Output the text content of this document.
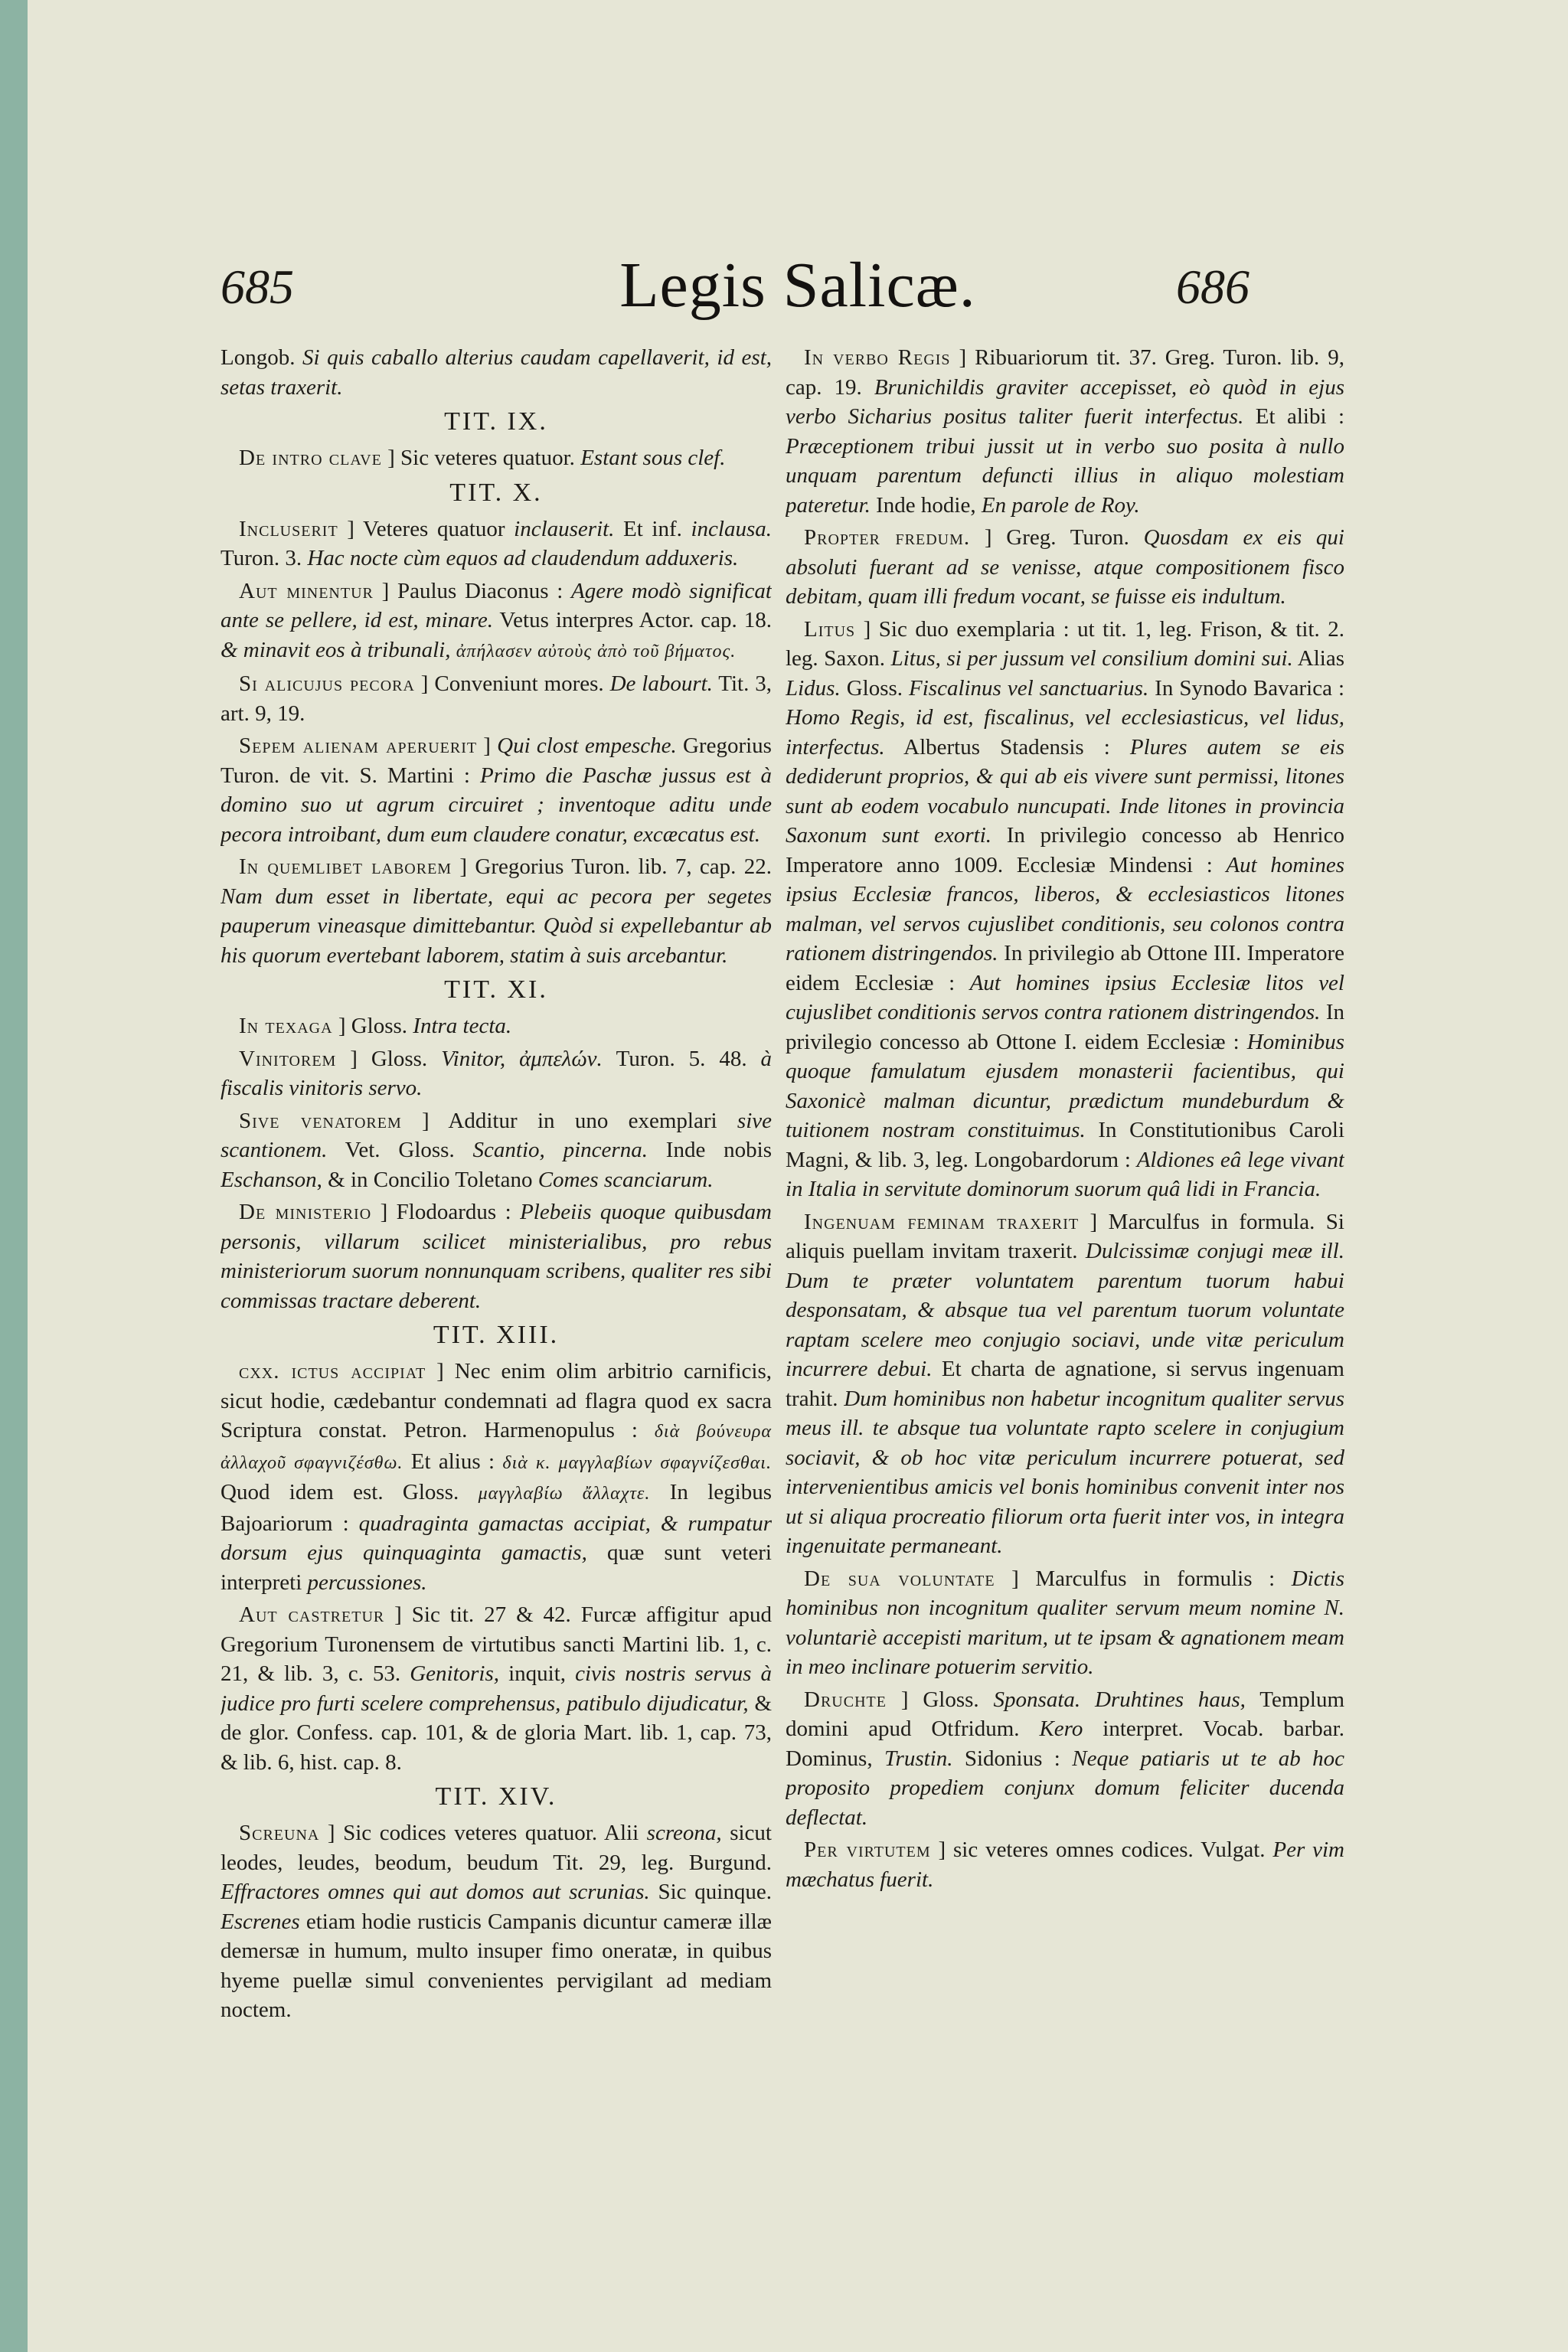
685	Legis Salicæ.	686

Longob. Si quis caballo alterius caudam capellaverit, id est, setas traxerit.

TIT. IX.

De intro clave ] Sic veteres quatuor. Estant sous clef.

TIT. X.

Incluserit ] Veteres quatuor inclauserit. Et inf. inclausa. Turon. 3. Hac nocte cùm equos ad claudendum adduxeris.

Aut minentur ] Paulus Diaconus : Agere modò significat ante se pellere, id est, minare. Vetus interpres Actor. cap. 18. & minavit eos à tribunali, ἀπήλασεν αὐτοὺς ἀπὸ τοῦ βήματος.

Si alicujus pecora ] Conveniunt mores. De labourt. Tit. 3, art. 9, 19.

Sepem alienam aperuerit ] Qui clost empesche. Gregorius Turon. de vit. S. Martini : Primo die Paschæ jussus est à domino suo ut agrum circuiret ; inventoque aditu unde pecora introibant, dum eum claudere conatur, excæcatus est.

In quemlibet laborem ] Gregorius Turon. lib. 7, cap. 22. Nam dum esset in libertate, equi ac pecora per segetes pauperum vineasque dimittebantur. Quòd si expellebantur ab his quorum evertebant laborem, statim à suis arcebantur.

TIT. XI.

In texaga ] Gloss. Intra tecta.

Vinitorem ] Gloss. Vinitor, ἀμπελών. Turon. 5. 48. à fiscalis vinitoris servo.

Sive venatorem ] Additur in uno exemplari sive scantionem. Vet. Gloss. Scantio, pincerna. Inde nobis Eschanson, & in Concilio Toletano Comes scanciarum.

De ministerio ] Flodoardus : Plebeiis quoque quibusdam personis, villarum scilicet ministerialibus, pro rebus ministeriorum suorum nonnunquam scribens, qualiter res sibi commissas tractare deberent.

TIT. XIII.

cxx. ictus accipiat ] Nec enim olim arbitrio carnificis, sicut hodie, cædebantur condemnati ad flagra quod ex sacra Scriptura constat. Petron. Harmenopulus : διὰ βούνευρα ἀλλαχοῦ σφαγνιζέσθω. Et alius : διὰ κ. μαγγλαβίων σφαγνίζεσθαι. Quod idem est. Gloss. μαγγλαβίω ἄλλαχτε. In legibus Bajoariorum : quadraginta gamactas accipiat, & rumpatur dorsum ejus quinquaginta gamactis, quæ sunt veteri interpreti percussiones.

Aut castretur ] Sic tit. 27 & 42. Furcæ affigitur apud Gregorium Turonensem de virtutibus sancti Martini lib. 1, c. 21, & lib. 3, c. 53. Genitoris, inquit, civis nostris servus à judice pro furti scelere comprehensus, patibulo dijudicatur, & de glor. Confess. cap. 101, & de gloria Mart. lib. 1, cap. 73, & lib. 6, hist. cap. 8.

TIT. XIV.

Screuna ] Sic codices veteres quatuor. Alii screona, sicut leodes, leudes, beodum, beudum Tit. 29, leg. Burgund. Effractores omnes qui aut domos aut scrunias. Sic quinque. Escrenes etiam hodie rusticis Campanis dicuntur cameræ illæ demersæ in humum, multo insuper fimo oneratæ, in quibus hyeme puellæ simul convenientes pervigilant ad mediam noctem.

In verbo Regis ] Ribuariorum tit. 37. Greg. Turon. lib. 9, cap. 19. Brunichildis graviter accepisset, eò quòd in ejus verbo Sicharius positus taliter fuerit interfectus. Et alibi : Præceptionem tribui jussit ut in verbo suo posita à nullo unquam parentum defuncti illius in aliquo molestiam pateretur. Inde hodie, En parole de Roy.

Propter fredum. ] Greg. Turon. Quosdam ex eis qui absoluti fuerant ad se venisse, atque compositionem fisco debitam, quam illi fredum vocant, se fuisse eis indultum.

Litus ] Sic duo exemplaria : ut tit. 1, leg. Frison, & tit. 2. leg. Saxon. Litus, si per jussum vel consilium domini sui. Alias Lidus. Gloss. Fiscalinus vel sanctuarius. In Synodo Bavarica : Homo Regis, id est, fiscalinus, vel ecclesiasticus, vel lidus, interfectus. Albertus Stadensis : Plures autem se eis dediderunt proprios, & qui ab eis vivere sunt permissi, litones sunt ab eodem vocabulo nuncupati. Inde litones in provincia Saxonum sunt exorti. In privilegio concesso ab Henrico Imperatore anno 1009. Ecclesiæ Mindensi : Aut homines ipsius Ecclesiæ francos, liberos, & ecclesiasticos litones malman, vel servos cujuslibet conditionis, seu colonos contra rationem distringendos. In privilegio ab Ottone III. Imperatore eidem Ecclesiæ : Aut homines ipsius Ecclesiæ litos vel cujuslibet conditionis servos contra rationem distringendos. In privilegio concesso ab Ottone I. eidem Ecclesiæ : Hominibus quoque famulatum ejusdem monasterii facientibus, qui Saxonicè malman dicuntur, prædictum mundeburdum & tuitionem nostram constituimus. In Constitutionibus Caroli Magni, & lib. 3, leg. Longobardorum : Aldiones eâ lege vivant in Italia in servitute dominorum suorum quâ lidi in Francia.

Ingenuam feminam traxerit ] Marculfus in formula. Si aliquis puellam invitam traxerit. Dulcissimæ conjugi meæ ill. Dum te præter voluntatem parentum tuorum habui desponsatam, & absque tua vel parentum tuorum voluntate raptam scelere meo conjugio sociavi, unde vitæ periculum incurrere debui. Et charta de agnatione, si servus ingenuam trahit. Dum hominibus non habetur incognitum qualiter servus meus ill. te absque tua voluntate rapto scelere in conjugium sociavit, & ob hoc vitæ periculum incurrere potuerat, sed intervenientibus amicis vel bonis hominibus convenit inter nos ut si aliqua procreatio filiorum orta fuerit inter vos, in integra ingenuitate permaneant.

De sua voluntate ] Marculfus in formulis : Dictis hominibus non incognitum qualiter servum meum nomine N. voluntariè accepisti maritum, ut te ipsam & agnationem meam in meo inclinare potuerim servitio.

Druchte ] Gloss. Sponsata. Druhtines haus, Templum domini apud Otfridum. Kero interpret. Vocab. barbar. Dominus, Trustin. Sidonius : Neque patiaris ut te ab hoc proposito propediem conjunx domum feliciter ducenda deflectat.

Per virtutem ] sic veteres omnes codices. Vulgat. Per vim mæchatus fuerit.
